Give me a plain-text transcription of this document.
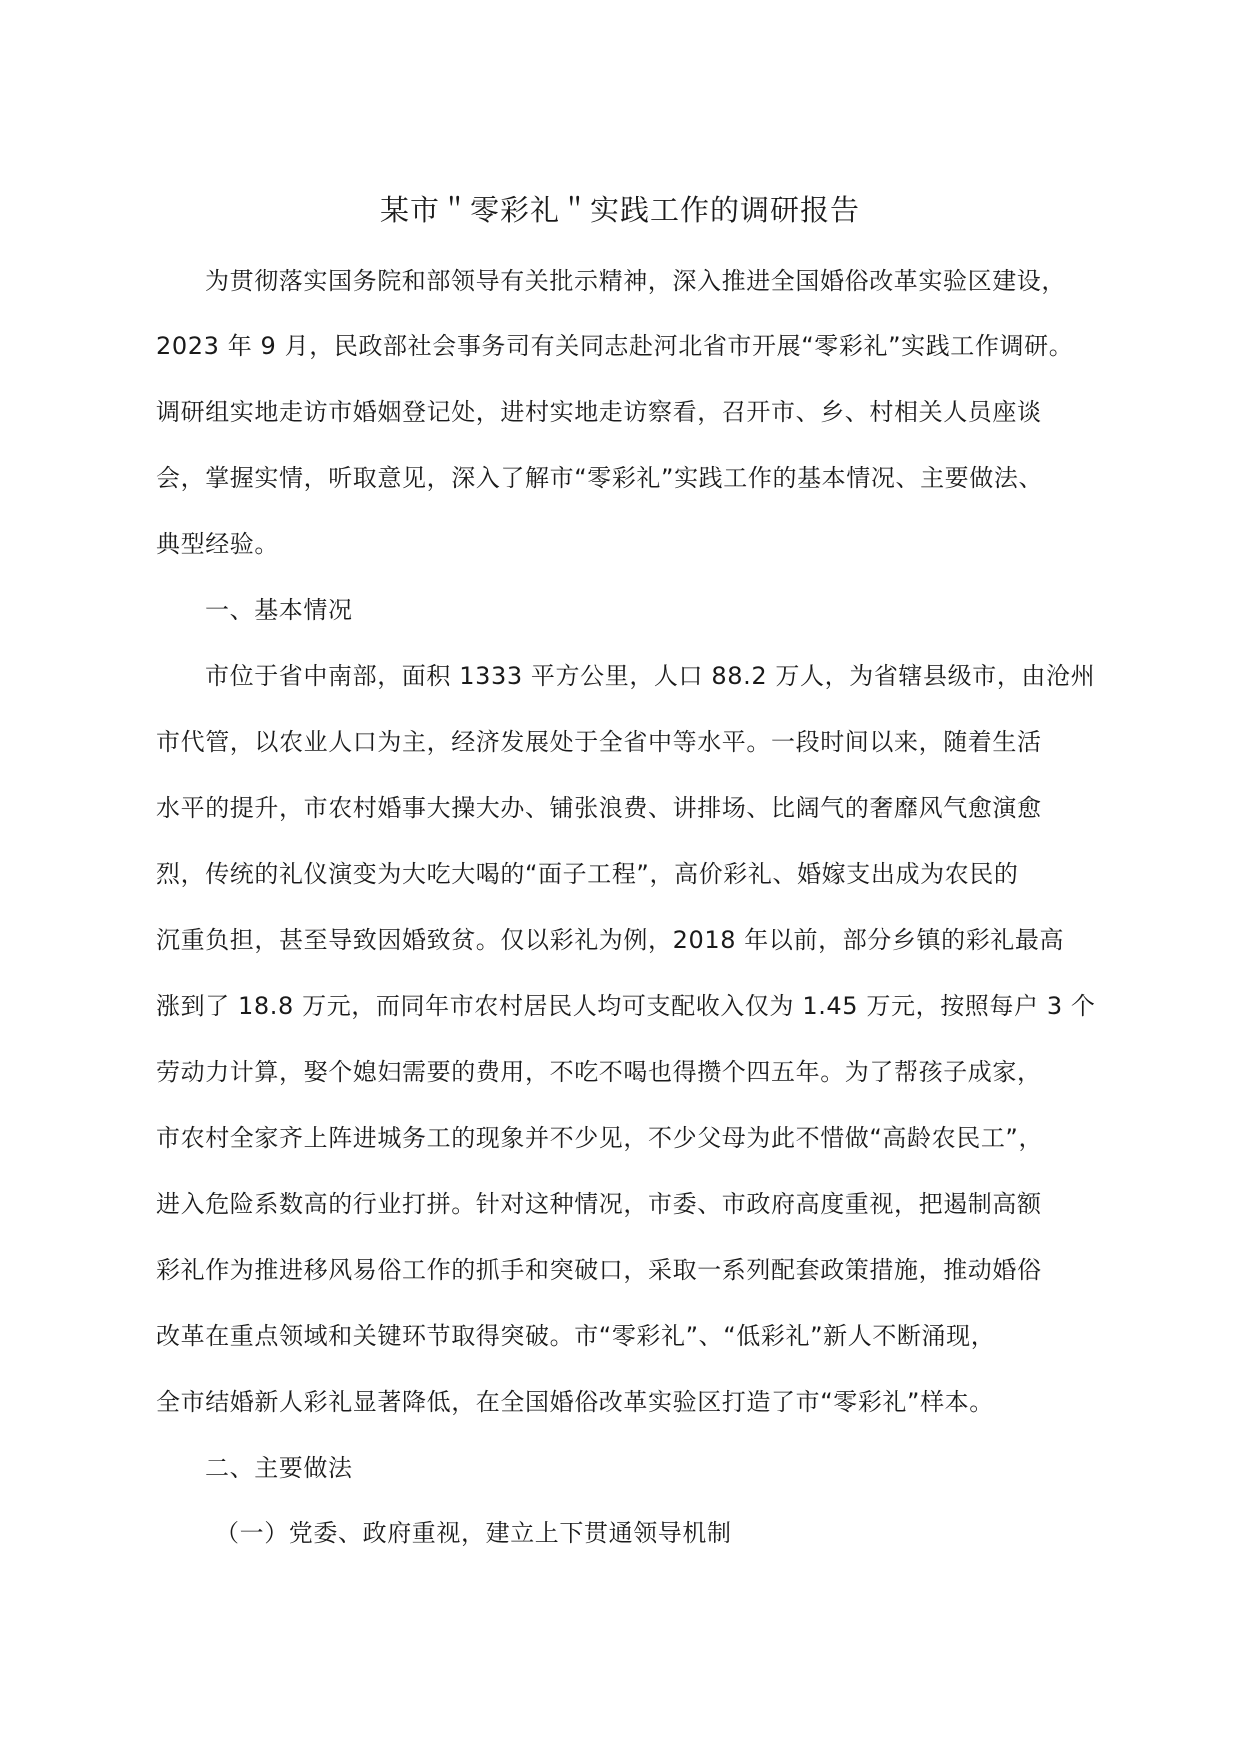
某市＂零彩礼＂实践工作的调研报告
为贯彻落实国务院和部领导有关批示精神，深入推进全国婚俗改革实验区建设，
2023 年 9 月，民政部社会事务司有关同志赴河北省市开展“零彩礼”实践工作调研。
调研组实地走访市婚姻登记处，进村实地走访察看，召开市、乡、村相关人员座谈
会，掌握实情，听取意见，深入了解市“零彩礼”实践工作的基本情况、主要做法、
典型经验。
一、基本情况
市位于省中南部，面积 1333 平方公里，人口 88.2 万人，为省辖县级市，由沧州
市代管，以农业人口为主，经济发展处于全省中等水平。一段时间以来，随着生活
水平的提升，市农村婚事大操大办、铺张浪费、讲排场、比阔气的奢靡风气愈演愈
烈，传统的礼仪演变为大吃大喝的“面子工程”，高价彩礼、婚嫁支出成为农民的
沉重负担，甚至导致因婚致贫。仅以彩礼为例，2018 年以前，部分乡镇的彩礼最高
涨到了 18.8 万元，而同年市农村居民人均可支配收入仅为 1.45 万元，按照每户 3 个
劳动力计算，娶个媳妇需要的费用，不吃不喝也得攒个四五年。为了帮孩子成家，
市农村全家齐上阵进城务工的现象并不少见，不少父母为此不惜做“高龄农民工”，
进入危险系数高的行业打拼。针对这种情况，市委、市政府高度重视，把遏制高额
彩礼作为推进移风易俗工作的抓手和突破口，采取一系列配套政策措施，推动婚俗
改革在重点领域和关键环节取得突破。市“零彩礼”、“低彩礼”新人不断涌现，
全市结婚新人彩礼显著降低，在全国婚俗改革实验区打造了市“零彩礼”样本。
二、主要做法
（一）党委、政府重视，建立上下贯通领导机制
